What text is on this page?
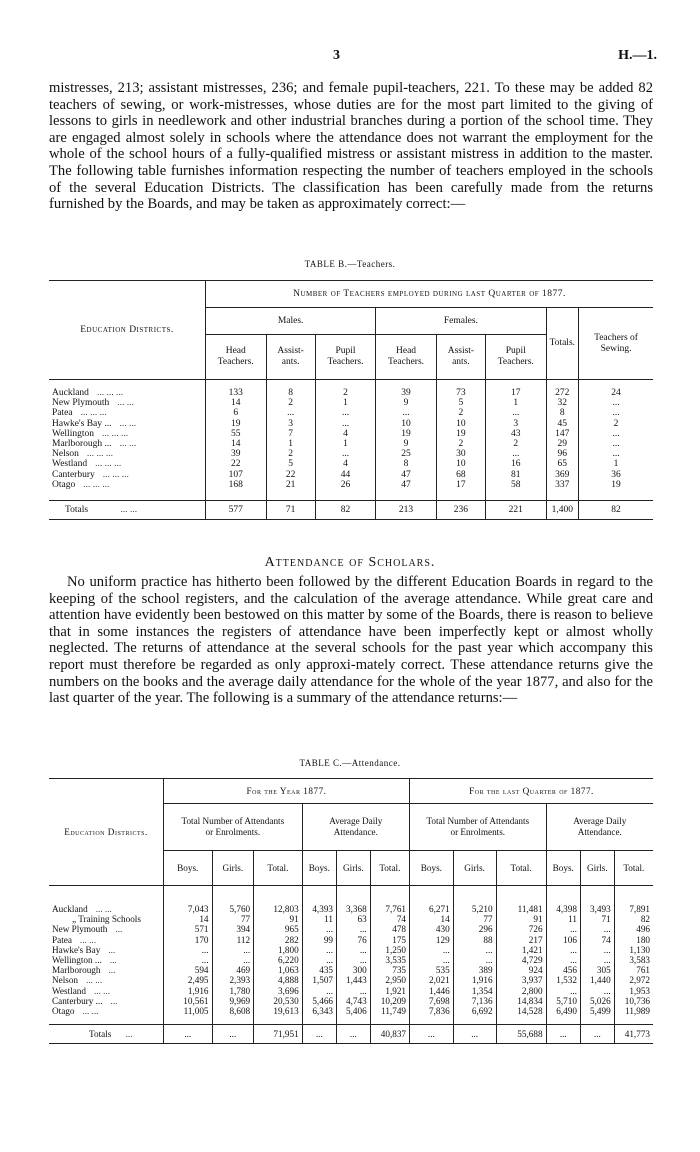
3	H.—1.

mistresses, 213; assistant mistresses, 236; and female pupil-teachers, 221. To these may be added 82 teachers of sewing, or work-mistresses, whose duties are for the most part limited to the giving of lessons to girls in needlework and other industrial branches during a portion of the school time. They are engaged almost solely in schools where the attendance does not warrant the employment for the whole of the school hours of a fully-qualified mistress or assistant mistress in addition to the master. The following table furnishes information respecting the number of teachers employed in the schools of the several Education Districts. The classification has been carefully made from the returns furnished by the Boards, and may be taken as approximately correct:—

TABLE B.—Teachers.

Education Districts.	Number of Teachers employed during last Quarter of 1877.							
	Males.			Females.			Totals.	Teachers of Sewing.
	Head Teachers.	Assist- ants.	Pupil Teachers.	Head Teachers.	Assist- ants.	Pupil Teachers.		
Auckland ... ... ...	133	8	2	39	73	17	272	24
New Plymouth ... ...	14	2	1	9	5	1	32	...
Patea ... ... ...	6	...	...	...	2	...	8	...
Hawke's Bay ... ... ...	19	3	...	10	10	3	45	2
Wellington ... ... ...	55	7	4	19	19	43	147	...
Marlborough ... ... ...	14	1	1	9	2	2	29	...
Nelson ... ... ...	39	2	...	25	30	...	96	...
Westland ... ... ...	22	5	4	8	10	16	65	1
Canterbury ... ... ...	107	22	44	47	68	81	369	36
Otago ... ... ...	168	21	26	47	17	58	337	19
Totals ... ...	577	71	82	213	236	221	1,400	82

Attendance of Scholars.

No uniform practice has hitherto been followed by the different Education Boards in regard to the keeping of the school registers, and the calculation of the average attendance. While great care and attention have evidently been bestowed on this matter by some of the Boards, there is reason to believe that in some instances the registers of attendance have been imperfectly kept or almost wholly neglected. The returns of attendance at the several schools for the past year which accompany this report must therefore be regarded as only approxi-mately correct. These attendance returns give the numbers on the books and the average daily attendance for the whole of the year 1877, and also for the last quarter of the year. The following is a summary of the attendance returns:—

TABLE C.—Attendance.

Education Districts.	For the Year 1877.						For the last Quarter of 1877.					
	Total Number of Attendants or Enrolments.			Average Daily Attendance.			Total Number of Attendants or Enrolments.			Average Daily Attendance.		
	Boys.	Girls.	Total.	Boys.	Girls.	Total.	Boys.	Girls.	Total.	Boys.	Girls.	Total.
Auckland ... ...	7,043	5,760	12,803	4,393	3,368	7,761	6,271	5,210	11,481	4,398	3,493	7,891
„ Training Schools	14	77	91	11	63	74	14	77	91	11	71	82
New Plymouth ...	571	394	965	...	...	478	430	296	726	...	...	496
Patea ... ...	170	112	282	99	76	175	129	88	217	106	74	180
Hawke's Bay ...	...	...	1,800	...	...	1,250	...	...	1,421	...	...	1,130
Wellington ... ...	...	...	6,220	...	...	3,535	...	...	4,729	...	...	3,583
Marlborough ...	594	469	1,063	435	300	735	535	389	924	456	305	761
Nelson ... ...	2,495	2,393	4,888	1,507	1,443	2,950	2,021	1,916	3,937	1,532	1,440	2,972
Westland ... ...	1,916	1,780	3,696	...	...	1,921	1,446	1,354	2,800	...	...	1,953
Canterbury ... ...	10,561	9,969	20,530	5,466	4,743	10,209	7,698	7,136	14,834	5,710	5,026	10,736
Otago ... ...	11,005	8,608	19,613	6,343	5,406	11,749	7,836	6,692	14,528	6,490	5,499	11,989
Totals ...	...	...	71,951	...	...	40,837	...	...	55,688	...	...	41,773
